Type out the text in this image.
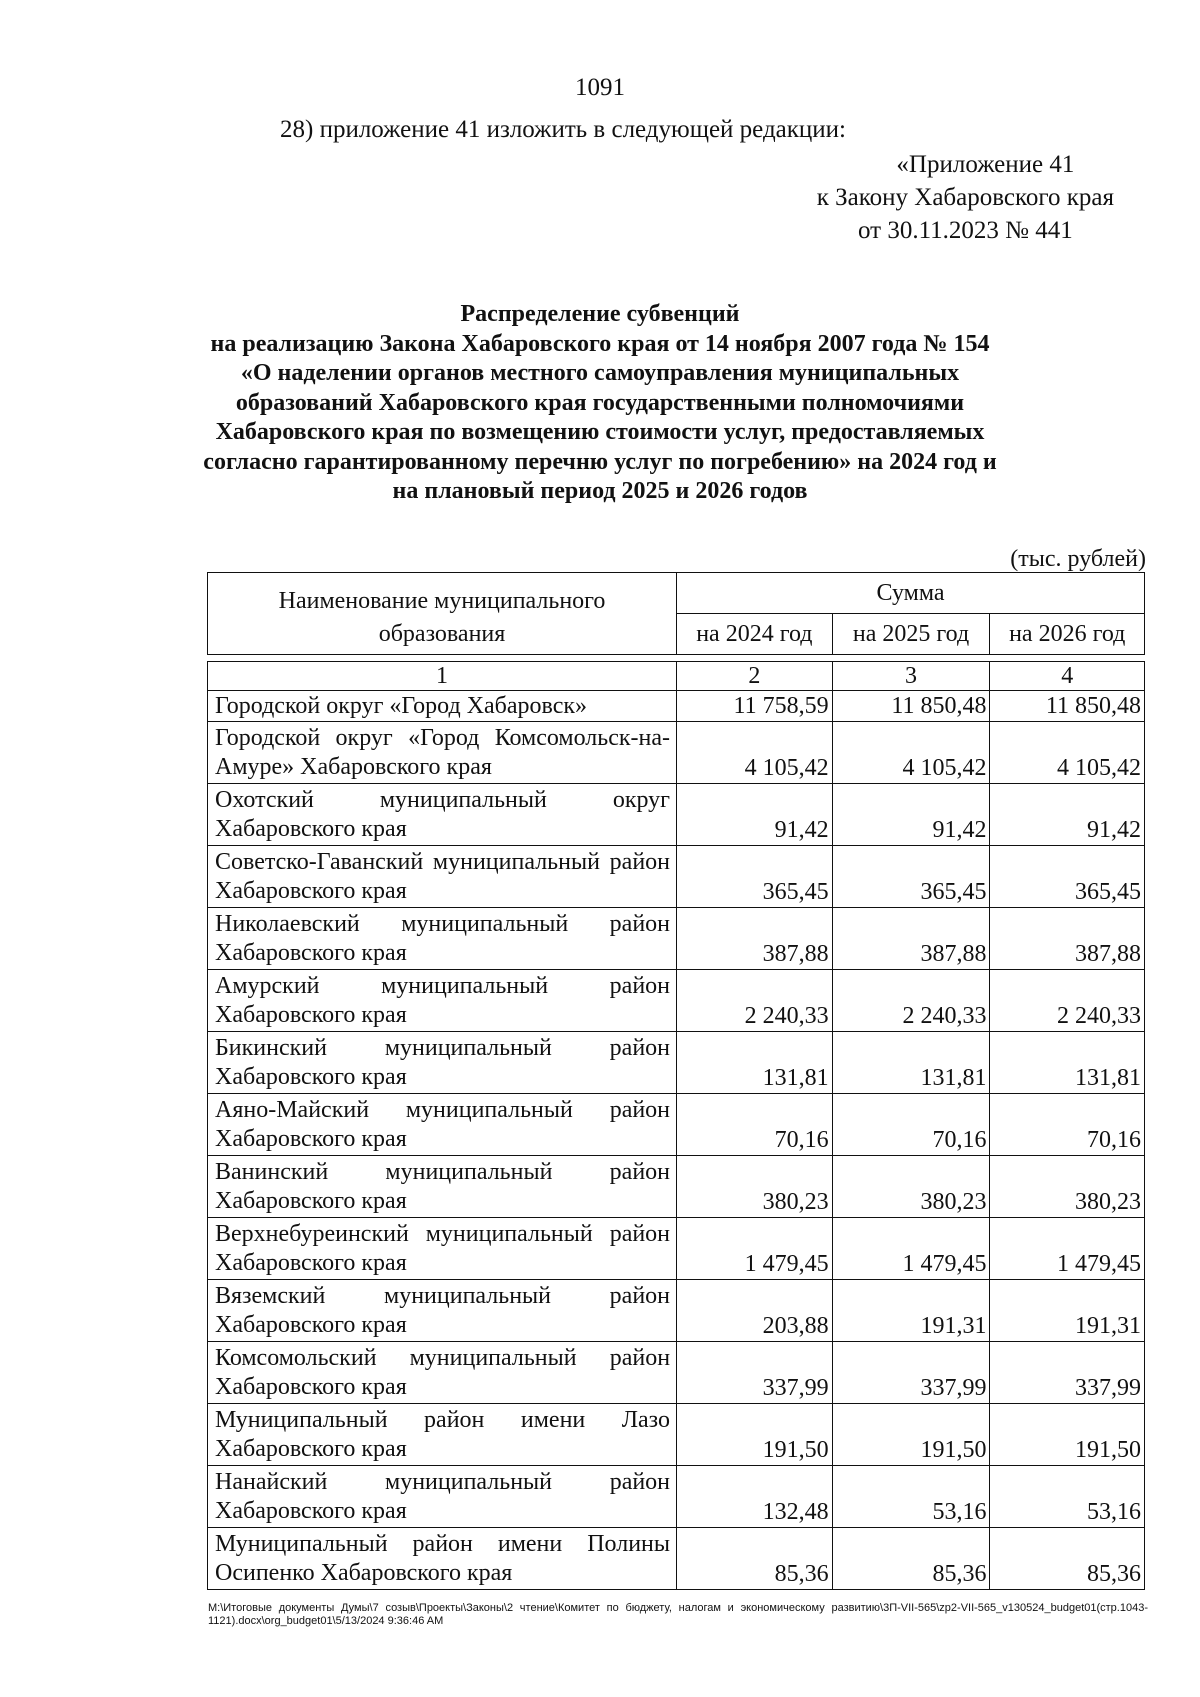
1091
28) приложение 41 изложить в следующей редакции:
«Приложение 41
к Закону Хабаровского края
от 30.11.2023 № 441
Распределение субвенций
на реализацию Закона Хабаровского края от 14 ноября 2007 года № 154
«О наделении органов местного самоуправления муниципальных
образований Хабаровского края государственными полномочиями
Хабаровского края по возмещению стоимости услуг, предоставляемых
согласно гарантированному перечню услуг по погребению» на 2024 год и
на плановый период 2025 и 2026 годов
(тыс. рублей)
Наименование муниципального образования	Сумма		
	на 2024 год	на 2025 год	на 2026 год
1	2	3	4
Городской округ «Город Хабаровск»	11 758,59	11 850,48	11 850,48
Городской округ «Город Комсомольск-на-Амуре» Хабаровского края	4 105,42	4 105,42	4 105,42
Охотский муниципальный округ Хабаровского края	91,42	91,42	91,42
Советско-Гаванский муниципальный район Хабаровского края	365,45	365,45	365,45
Николаевский муниципальный район Хабаровского края	387,88	387,88	387,88
Амурский муниципальный район Хабаровского края	2 240,33	2 240,33	2 240,33
Бикинский муниципальный район Хабаровского края	131,81	131,81	131,81
Аяно-Майский муниципальный район Хабаровского края	70,16	70,16	70,16
Ванинский муниципальный район Хабаровского края	380,23	380,23	380,23
Верхнебуреинский муниципальный район Хабаровского края	1 479,45	1 479,45	1 479,45
Вяземский муниципальный район Хабаровского края	203,88	191,31	191,31
Комсомольский муниципальный район Хабаровского края	337,99	337,99	337,99
Муниципальный район имени Лазо Хабаровского края	191,50	191,50	191,50
Нанайский муниципальный район Хабаровского края	132,48	53,16	53,16
Муниципальный район имени Полины Осипенко Хабаровского края	85,36	85,36	85,36
M:\Итоговые документы Думы\7 созыв\Проекты\Законы\2 чтение\Комитет по бюджету, налогам и экономическому развитию\3П-VII-565\zp2-VII-565_v130524_budget01(стр.1043-1121).docx\org_budget01\5/13/2024 9:36:46 AM
